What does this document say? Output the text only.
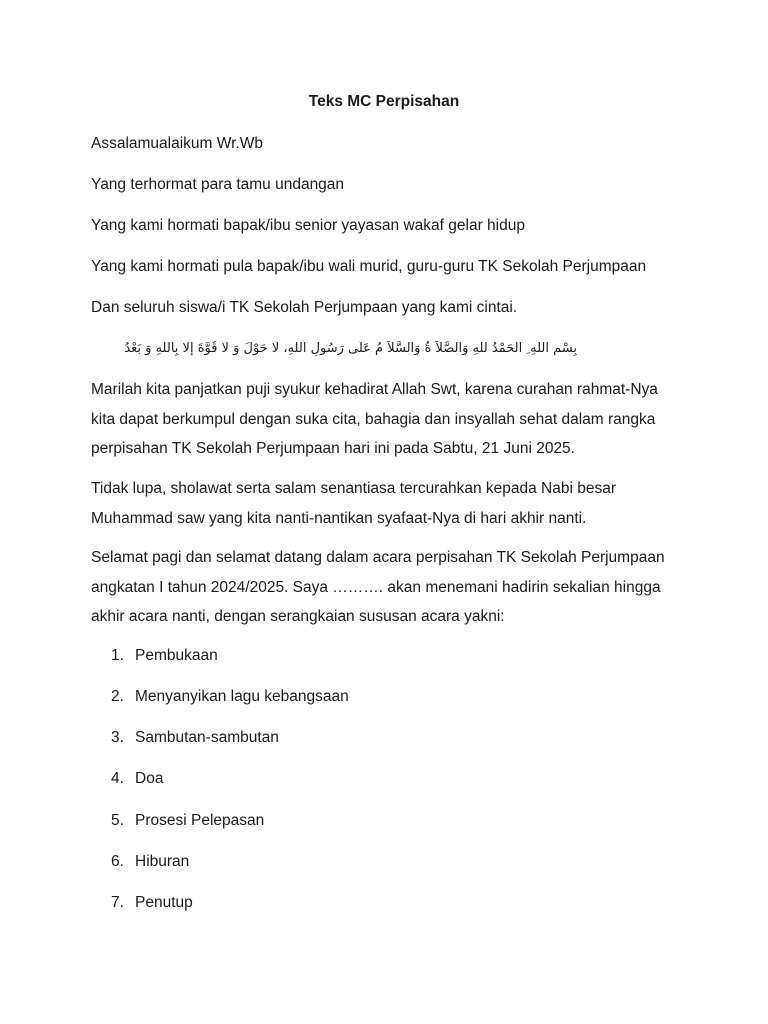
Teks MC Perpisahan
Assalamualaikum Wr.Wb
Yang terhormat para tamu undangan
Yang kami hormati bapak/ibu senior yayasan wakaf gelar hidup
Yang kami hormati pula bapak/ibu wali murid, guru-guru TK Sekolah Perjumpaan
Dan seluruh siswa/i TK Sekolah Perjumpaan yang kami cintai.
بِسْمِ اللهِ ِ الحَمْدُ للهِ وَالصَّلاَ ةُ وَالسَّلاَ مُ عَلَى رَسُولِ اللهِ، لَا حَوْلَ وَ لَا قُوَّةَ إِلَّا بِاللهِ وَ بَعْدُ
Marilah kita panjatkan puji syukur kehadirat Allah Swt, karena curahan rahmat-Nya kita dapat berkumpul dengan suka cita, bahagia dan insyallah sehat dalam rangka perpisahan TK Sekolah Perjumpaan hari ini pada Sabtu, 21 Juni 2025.
Tidak lupa, sholawat serta salam senantiasa tercurahkan kepada Nabi besar Muhammad saw yang kita nanti-nantikan syafaat-Nya di hari akhir nanti.
Selamat pagi dan selamat datang dalam acara perpisahan TK Sekolah Perjumpaan angkatan I tahun 2024/2025. Saya ………. akan menemani hadirin sekalian hingga akhir acara nanti, dengan serangkaian sususan acara yakni:
1. Pembukaan
2. Menyanyikan lagu kebangsaan
3. Sambutan-sambutan
4. Doa
5. Prosesi Pelepasan
6. Hiburan
7. Penutup
